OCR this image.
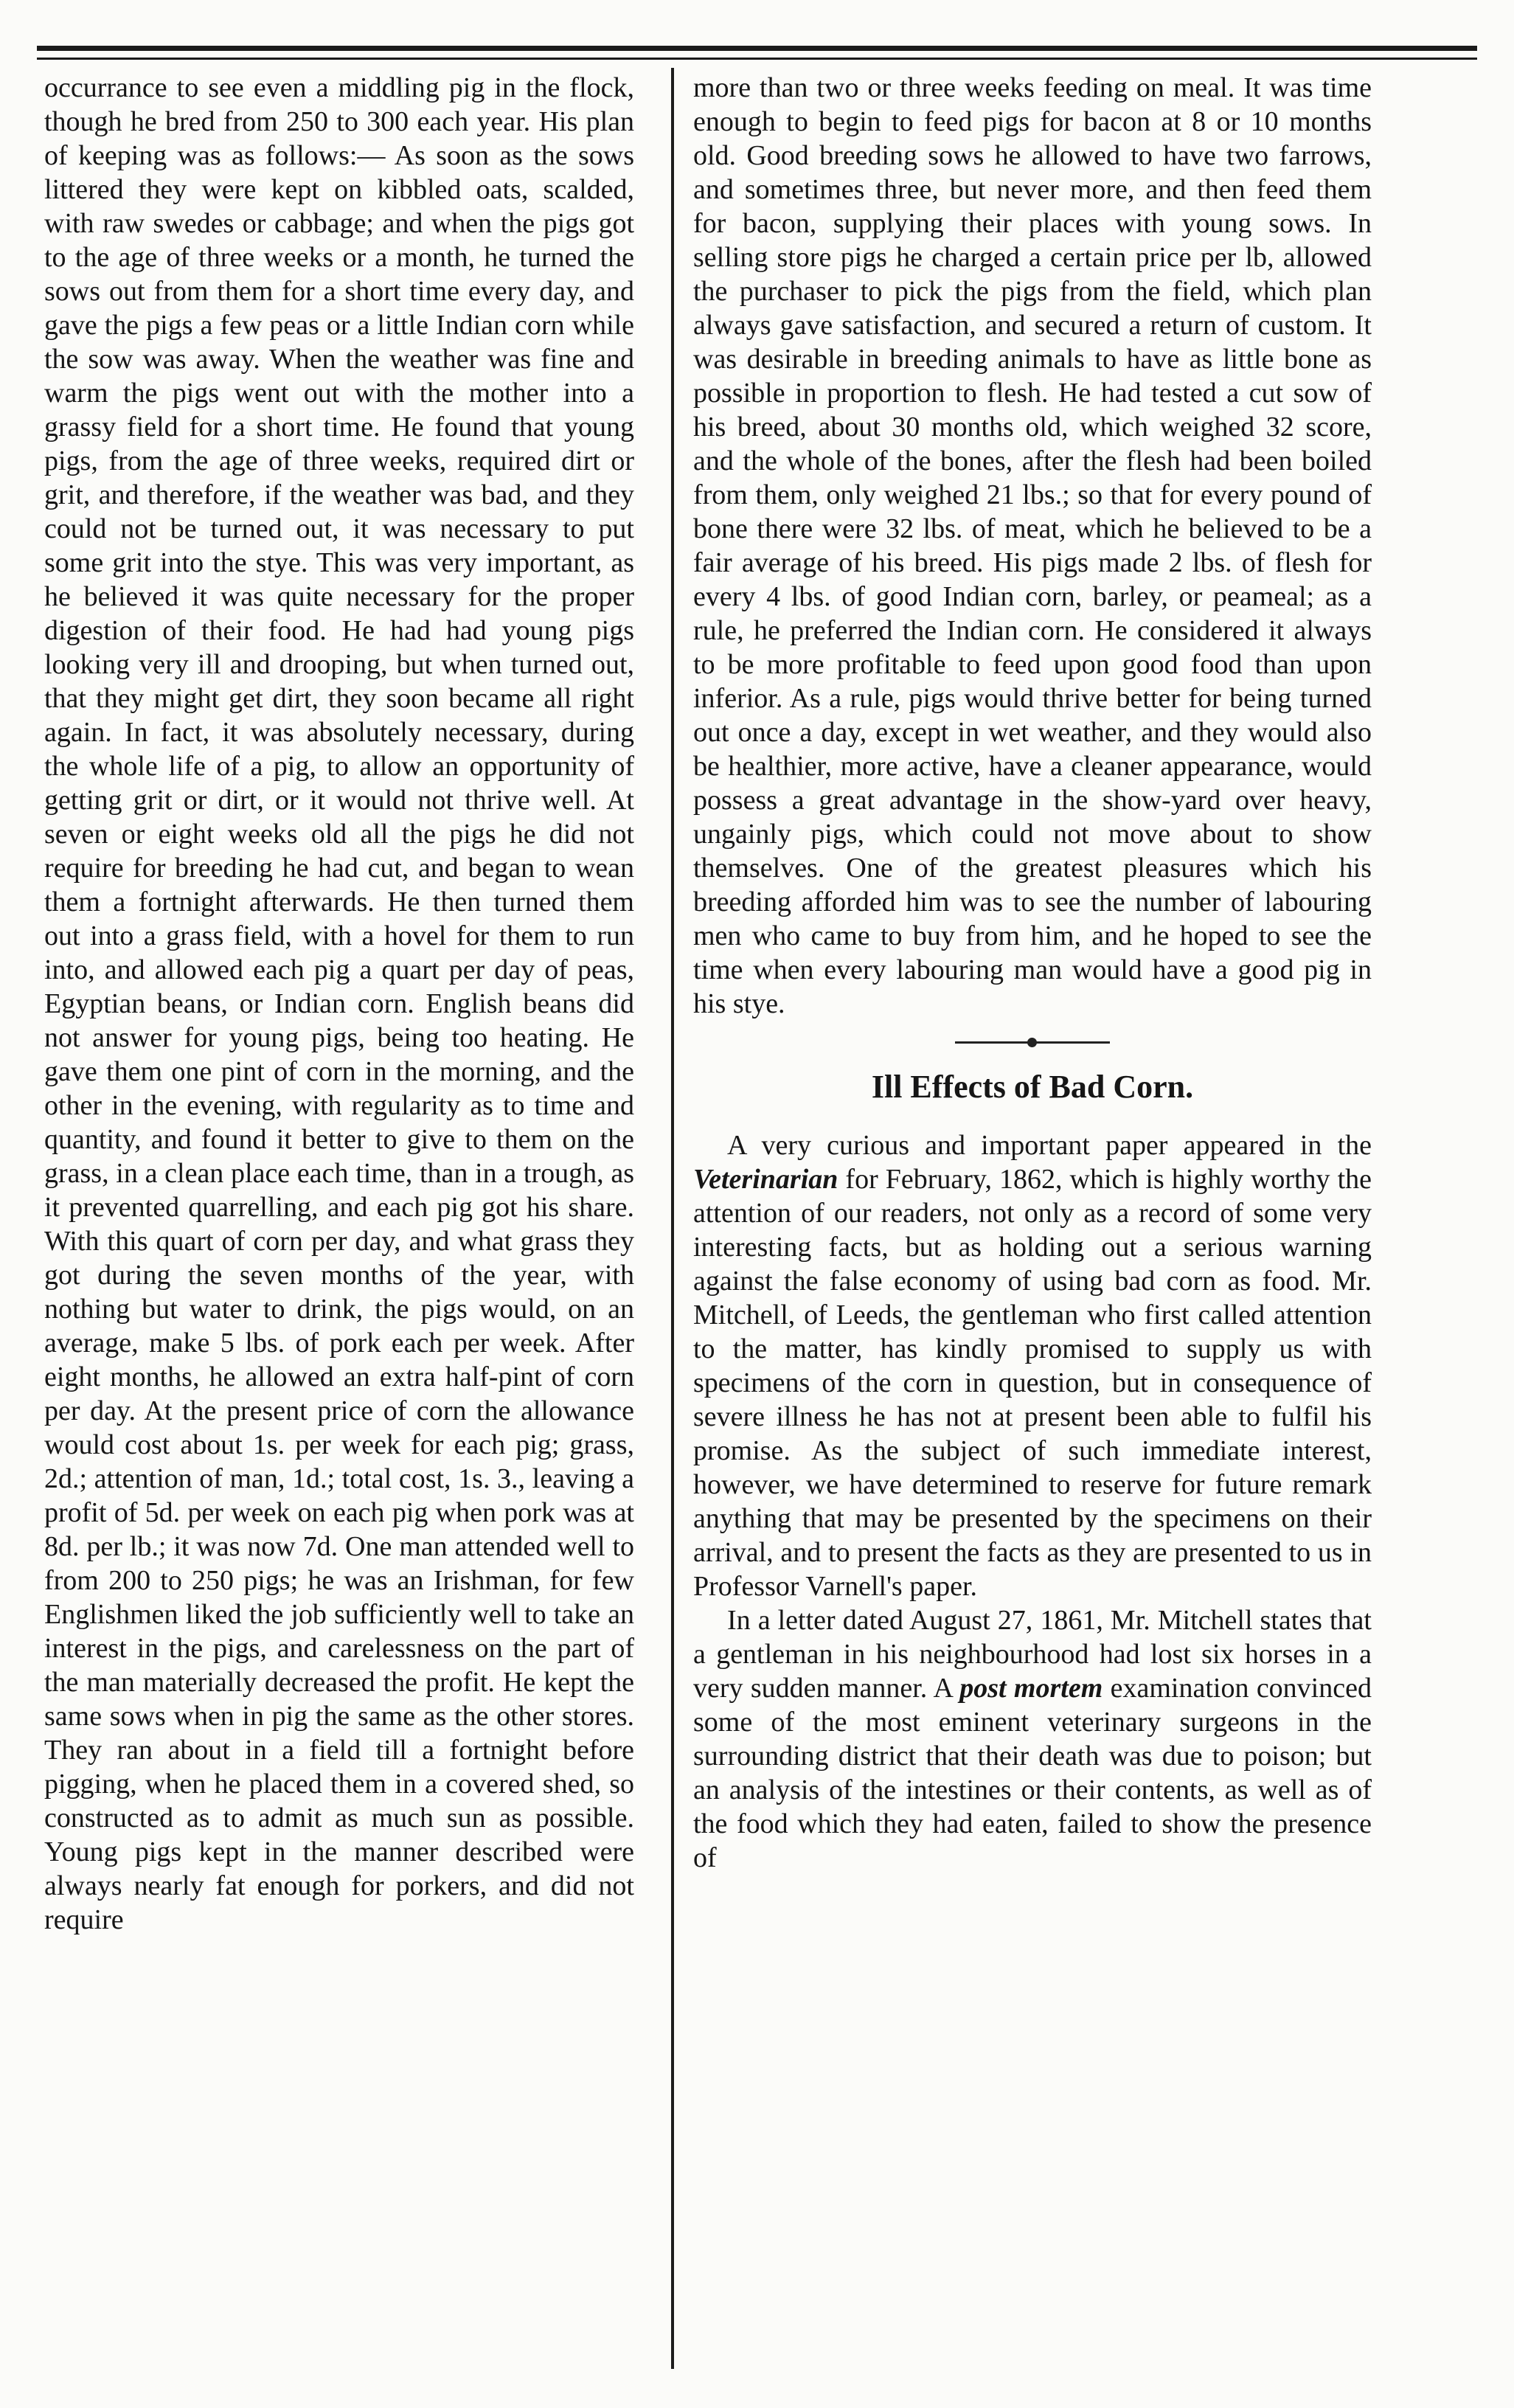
occurrance to see even a middling pig in the flock, though he bred from 250 to 300 each year. His plan of keeping was as follows:— As soon as the sows littered they were kept on kibbled oats, scalded, with raw swedes or cabbage; and when the pigs got to the age of three weeks or a month, he turned the sows out from them for a short time every day, and gave the pigs a few peas or a little Indian corn while the sow was away. When the weather was fine and warm the pigs went out with the mother into a grassy field for a short time. He found that young pigs, from the age of three weeks, required dirt or grit, and therefore, if the weather was bad, and they could not be turned out, it was necessary to put some grit into the stye. This was very important, as he believed it was quite necessary for the proper digestion of their food. He had had young pigs looking very ill and drooping, but when turned out, that they might get dirt, they soon became all right again. In fact, it was absolutely necessary, during the whole life of a pig, to allow an opportunity of getting grit or dirt, or it would not thrive well. At seven or eight weeks old all the pigs he did not require for breeding he had cut, and began to wean them a fortnight afterwards. He then turned them out into a grass field, with a hovel for them to run into, and allowed each pig a quart per day of peas, Egyptian beans, or Indian corn. English beans did not answer for young pigs, being too heating. He gave them one pint of corn in the morning, and the other in the evening, with regularity as to time and quantity, and found it better to give to them on the grass, in a clean place each time, than in a trough, as it prevented quarrelling, and each pig got his share. With this quart of corn per day, and what grass they got during the seven months of the year, with nothing but water to drink, the pigs would, on an average, make 5 lbs. of pork each per week. After eight months, he allowed an extra half-pint of corn per day. At the present price of corn the allowance would cost about 1s. per week for each pig; grass, 2d.; attention of man, 1d.; total cost, 1s. 3., leaving a profit of 5d. per week on each pig when pork was at 8d. per lb.; it was now 7d. One man attended well to from 200 to 250 pigs; he was an Irishman, for few Englishmen liked the job sufficiently well to take an interest in the pigs, and carelessness on the part of the man materially decreased the profit. He kept the same sows when in pig the same as the other stores. They ran about in a field till a fortnight before pigging, when he placed them in a covered shed, so constructed as to admit as much sun as possible. Young pigs kept in the manner described were always nearly fat enough for porkers, and did not require

more than two or three weeks feeding on meal. It was time enough to begin to feed pigs for bacon at 8 or 10 months old. Good breeding sows he allowed to have two farrows, and sometimes three, but never more, and then feed them for bacon, supplying their places with young sows. In selling store pigs he charged a certain price per lb, allowed the purchaser to pick the pigs from the field, which plan always gave satisfaction, and secured a return of custom. It was desirable in breeding animals to have as little bone as possible in proportion to flesh. He had tested a cut sow of his breed, about 30 months old, which weighed 32 score, and the whole of the bones, after the flesh had been boiled from them, only weighed 21 lbs.; so that for every pound of bone there were 32 lbs. of meat, which he believed to be a fair average of his breed. His pigs made 2 lbs. of flesh for every 4 lbs. of good Indian corn, barley, or peameal; as a rule, he preferred the Indian corn. He considered it always to be more profitable to feed upon good food than upon inferior. As a rule, pigs would thrive better for being turned out once a day, except in wet weather, and they would also be healthier, more active, have a cleaner appearance, would possess a great advantage in the show-yard over heavy, ungainly pigs, which could not move about to show themselves. One of the greatest pleasures which his breeding afforded him was to see the number of labouring men who came to buy from him, and he hoped to see the time when every labouring man would have a good pig in his stye.

Ill Effects of Bad Corn.

A very curious and important paper appeared in the Veterinarian for February, 1862, which is highly worthy the attention of our readers, not only as a record of some very interesting facts, but as holding out a serious warning against the false economy of using bad corn as food. Mr. Mitchell, of Leeds, the gentleman who first called attention to the matter, has kindly promised to supply us with specimens of the corn in question, but in consequence of severe illness he has not at present been able to fulfil his promise. As the subject of such immediate interest, however, we have determined to reserve for future remark anything that may be presented by the specimens on their arrival, and to present the facts as they are presented to us in Professor Varnell's paper.

In a letter dated August 27, 1861, Mr. Mitchell states that a gentleman in his neighbourhood had lost six horses in a very sudden manner. A post mortem examination convinced some of the most eminent veterinary surgeons in the surrounding district that their death was due to poison; but an analysis of the intestines or their contents, as well as of the food which they had eaten, failed to show the presence of
